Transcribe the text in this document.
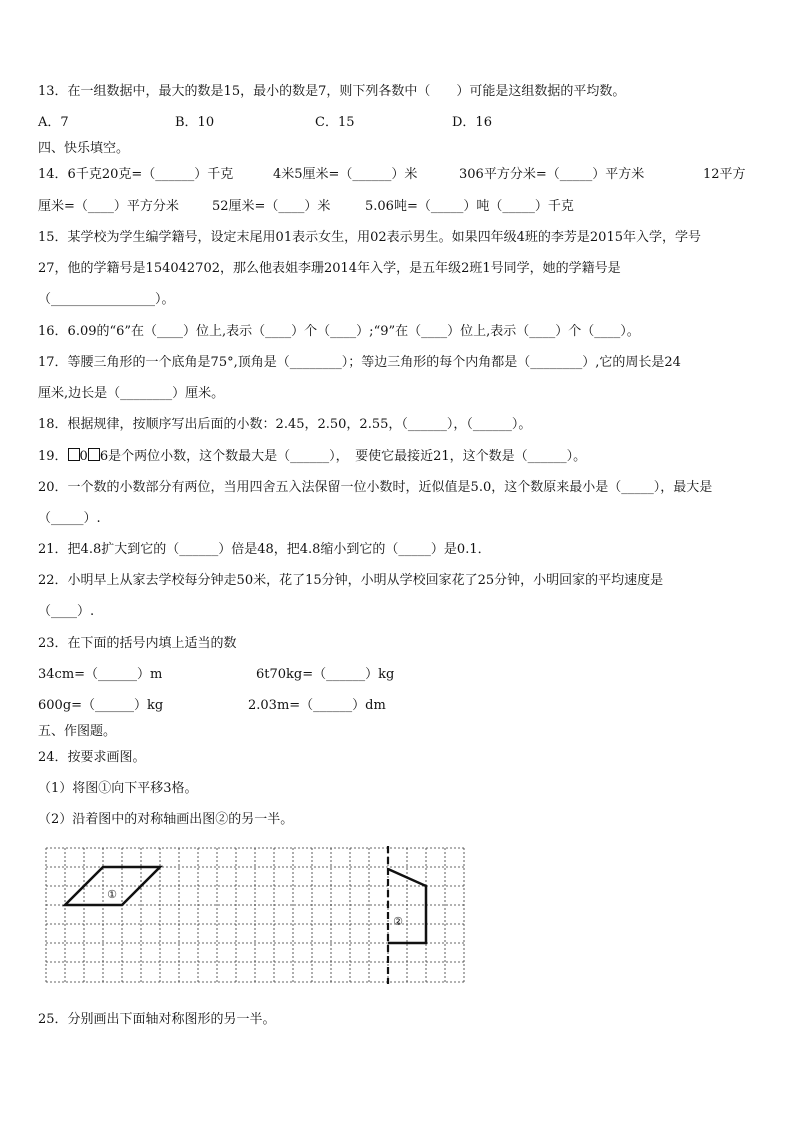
13．在一组数据中，最大的数是15，最小的数是7，则下列各数中（　　）可能是这组数据的平均数。
A．7	B．10	C．15	D．16
四、快乐填空。
14．6千克20克=（______）千克	4米5厘米=（______）米	306平方分米=（_____）平方米	12平方
厘米=（____）平方分米	52厘米=（____）米	5.06吨=（_____）吨（_____）千克
15．某学校为学生编学籍号，设定末尾用01表示女生，用02表示男生。如果四年级4班的李芳是2015年入学，学号
27，他的学籍号是154042702，那么他表姐李珊2014年入学，是五年级2班1号同学，她的学籍号是
（________________）。
16．6.09的“6”在（____）位上,表示（____）个（____）;“9”在（____）位上,表示（____）个（____）。
17．等腰三角形的一个底角是75°,顶角是（________）；等边三角形的每个内角都是（________）,它的周长是24
厘米,边长是（________）厘米。
18．根据规律，按顺序写出后面的小数：2.45，2.50，2.55，（______），（______）。
19． 0 6是个两位小数，这个数最大是（______），　要使它最接近21，这个数是（______）。
20．一个数的小数部分有两位，当用四舍五入法保留一位小数时，近似值是5.0，这个数原来最小是（_____），最大是
（_____）.
21．把4.8扩大到它的（______）倍是48，把4.8缩小到它的（_____）是0.1．
22．小明早上从家去学校每分钟走50米，花了15分钟，小明从学校回家花了25分钟，小明回家的平均速度是
（____）.
23．在下面的括号内填上适当的数
34cm=（______）m	6t70kg=（______）kg
600g=（______）kg	2.03m=（______）dm
五、作图题。
24．按要求画图。
（1）将图①向下平移3格。
（2）沿着图中的对称轴画出图②的另一半。
①
②
25．分别画出下面轴对称图形的另一半。
